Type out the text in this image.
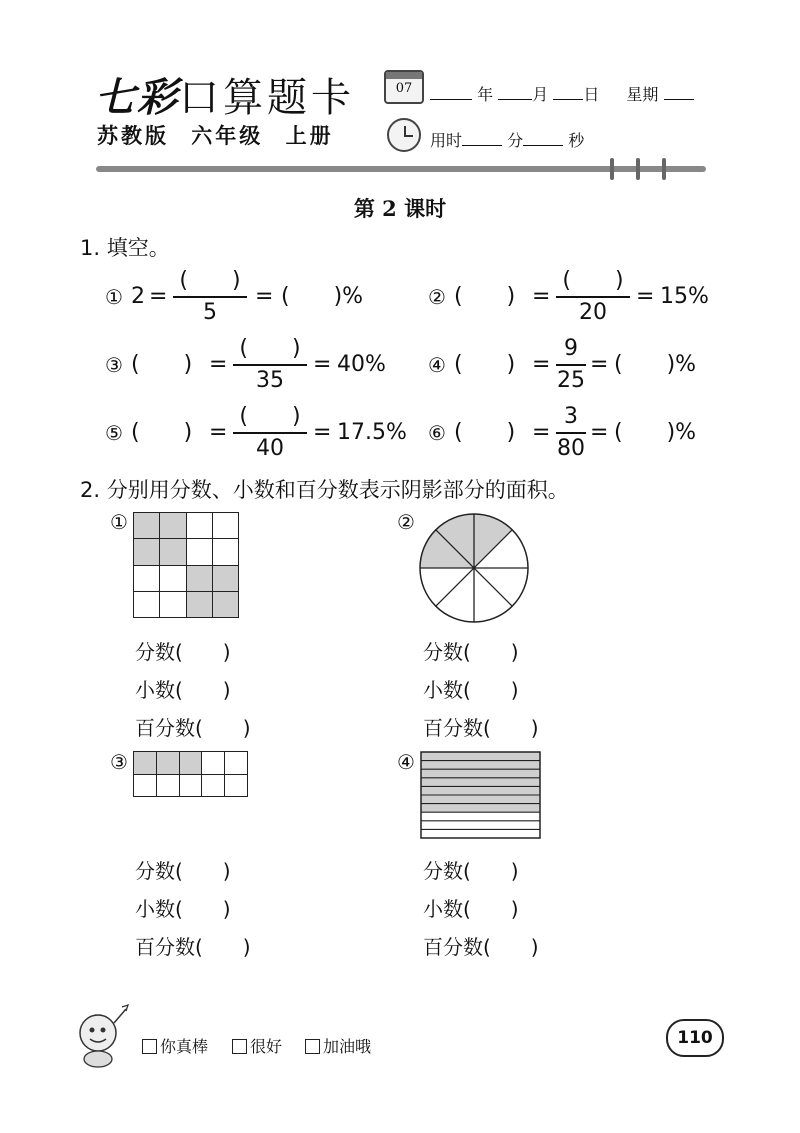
七彩口算题卡
苏教版 六年级 上册
07	年 月 日 星期
用时	分	秒
第 2 课时
1. 填空。
① 2 =
(  )
5
= (  )%	② (  ) =
(  )
20
= 15%
③ (  ) =
(  )
35
= 40% ④ (  ) =
9
25
= (  )%
⑤ (  ) =
(  )
40
= 17.5% ⑥ (  ) =
3
80
= (  )%
2. 分别用分数、小数和百分数表示阴影部分的面积。
①

				②
分数(  )
小数(  )
百分数(  )
分数(  )
小数(  )
百分数(  )
③

					④
分数(  )
小数(  )
百分数(  )
分数(  )
小数(  )
百分数(  )
你真棒	很好	加油哦	110
